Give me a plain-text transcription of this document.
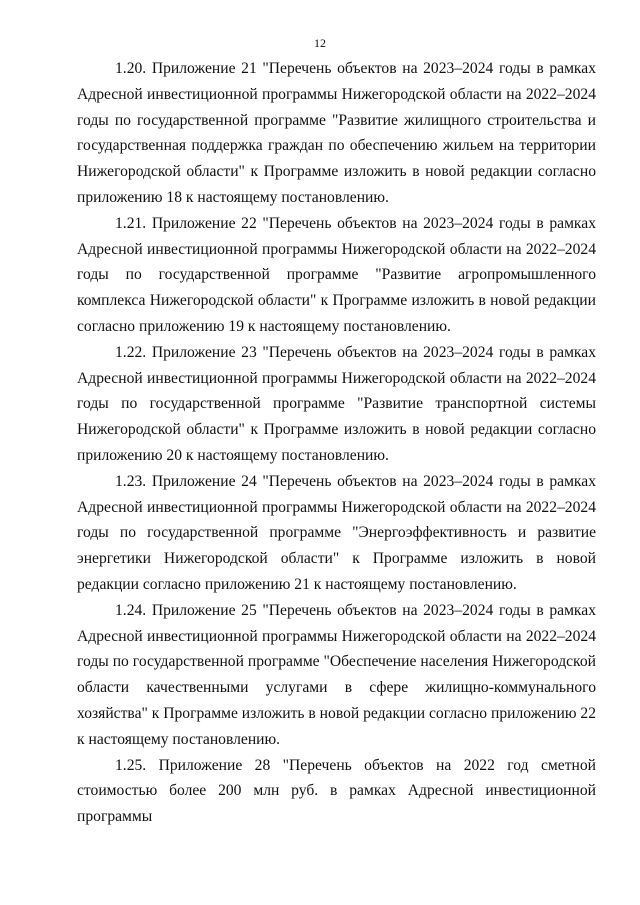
12

1.20. Приложение 21 "Перечень объектов на 2023–2024 годы в рамках Адресной инвестиционной программы Нижегородской области на 2022–2024 годы по государственной программе "Развитие жилищного строительства и государственная поддержка граждан по обеспечению жильем на территории Нижегородской области" к Программе изложить в новой редакции согласно приложению 18 к настоящему постановлению.

1.21. Приложение 22 "Перечень объектов на 2023–2024 годы в рамках Адресной инвестиционной программы Нижегородской области на 2022–2024 годы по государственной программе "Развитие агропромышленного комплекса Нижегородской области" к Программе изложить в новой редакции согласно приложению 19 к настоящему постановлению.

1.22. Приложение 23 "Перечень объектов на 2023–2024 годы в рамках Адресной инвестиционной программы Нижегородской области на 2022–2024 годы по государственной программе "Развитие транспортной системы Нижегородской области" к Программе изложить в новой редакции согласно приложению 20 к настоящему постановлению.

1.23. Приложение 24 "Перечень объектов на 2023–2024 годы в рамках Адресной инвестиционной программы Нижегородской области на 2022–2024 годы по государственной программе "Энергоэффективность и развитие энергетики Нижегородской области" к Программе изложить в новой редакции согласно приложению 21 к настоящему постановлению.

1.24. Приложение 25 "Перечень объектов на 2023–2024 годы в рамках Адресной инвестиционной программы Нижегородской области на 2022–2024 годы по государственной программе "Обеспечение населения Нижегородской области качественными услугами в сфере жилищно-коммунального хозяйства" к Программе изложить в новой редакции согласно приложению 22 к настоящему постановлению.

1.25. Приложение 28 "Перечень объектов на 2022 год сметной стоимостью более 200 млн руб. в рамках Адресной инвестиционной программы
